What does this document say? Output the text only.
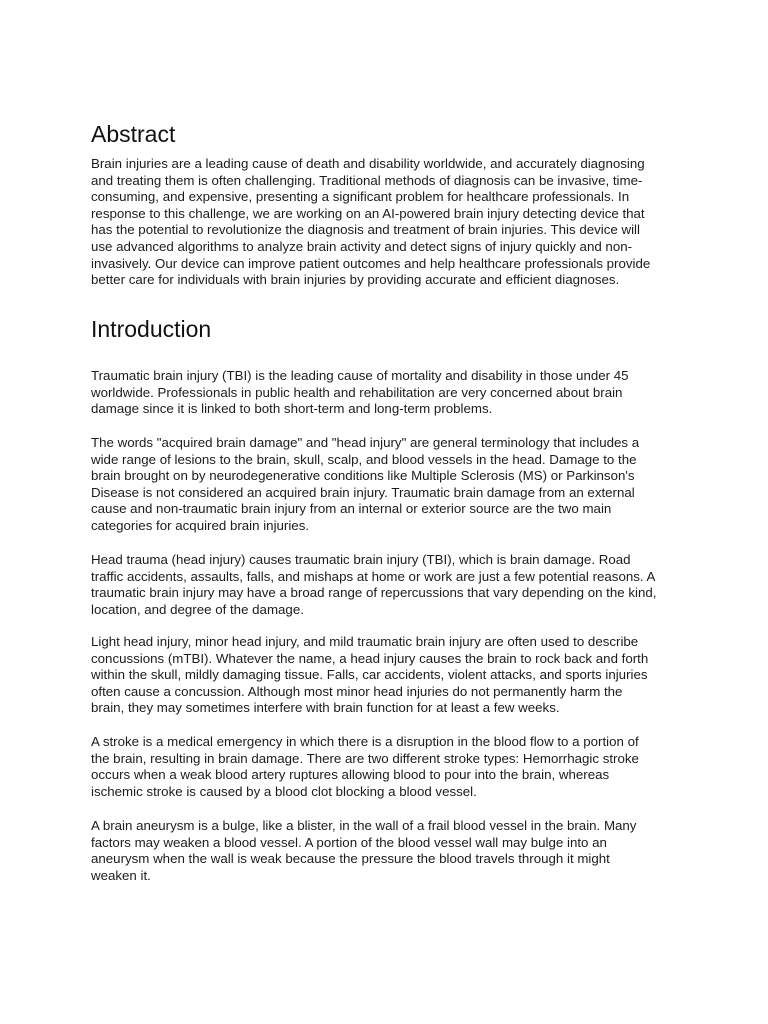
Abstract

Brain injuries are a leading cause of death and disability worldwide, and accurately diagnosing
and treating them is often challenging. Traditional methods of diagnosis can be invasive, time-
consuming, and expensive, presenting a significant problem for healthcare professionals. In
response to this challenge, we are working on an AI-powered brain injury detecting device that
has the potential to revolutionize the diagnosis and treatment of brain injuries. This device will
use advanced algorithms to analyze brain activity and detect signs of injury quickly and non-
invasively. Our device can improve patient outcomes and help healthcare professionals provide
better care for individuals with brain injuries by providing accurate and efficient diagnoses.

Introduction

Traumatic brain injury (TBI) is the leading cause of mortality and disability in those under 45
worldwide. Professionals in public health and rehabilitation are very concerned about brain
damage since it is linked to both short-term and long-term problems.

The words "acquired brain damage" and "head injury" are general terminology that includes a
wide range of lesions to the brain, skull, scalp, and blood vessels in the head. Damage to the
brain brought on by neurodegenerative conditions like Multiple Sclerosis (MS) or Parkinson's
Disease is not considered an acquired brain injury. Traumatic brain damage from an external
cause and non-traumatic brain injury from an internal or exterior source are the two main
categories for acquired brain injuries.

Head trauma (head injury) causes traumatic brain injury (TBI), which is brain damage. Road
traffic accidents, assaults, falls, and mishaps at home or work are just a few potential reasons. A
traumatic brain injury may have a broad range of repercussions that vary depending on the kind,
location, and degree of the damage.

Light head injury, minor head injury, and mild traumatic brain injury are often used to describe
concussions (mTBI). Whatever the name, a head injury causes the brain to rock back and forth
within the skull, mildly damaging tissue. Falls, car accidents, violent attacks, and sports injuries
often cause a concussion. Although most minor head injuries do not permanently harm the
brain, they may sometimes interfere with brain function for at least a few weeks.

A stroke is a medical emergency in which there is a disruption in the blood flow to a portion of
the brain, resulting in brain damage. There are two different stroke types: Hemorrhagic stroke
occurs when a weak blood artery ruptures allowing blood to pour into the brain, whereas
ischemic stroke is caused by a blood clot blocking a blood vessel.

A brain aneurysm is a bulge, like a blister, in the wall of a frail blood vessel in the brain. Many
factors may weaken a blood vessel. A portion of the blood vessel wall may bulge into an
aneurysm when the wall is weak because the pressure the blood travels through it might
weaken it.
